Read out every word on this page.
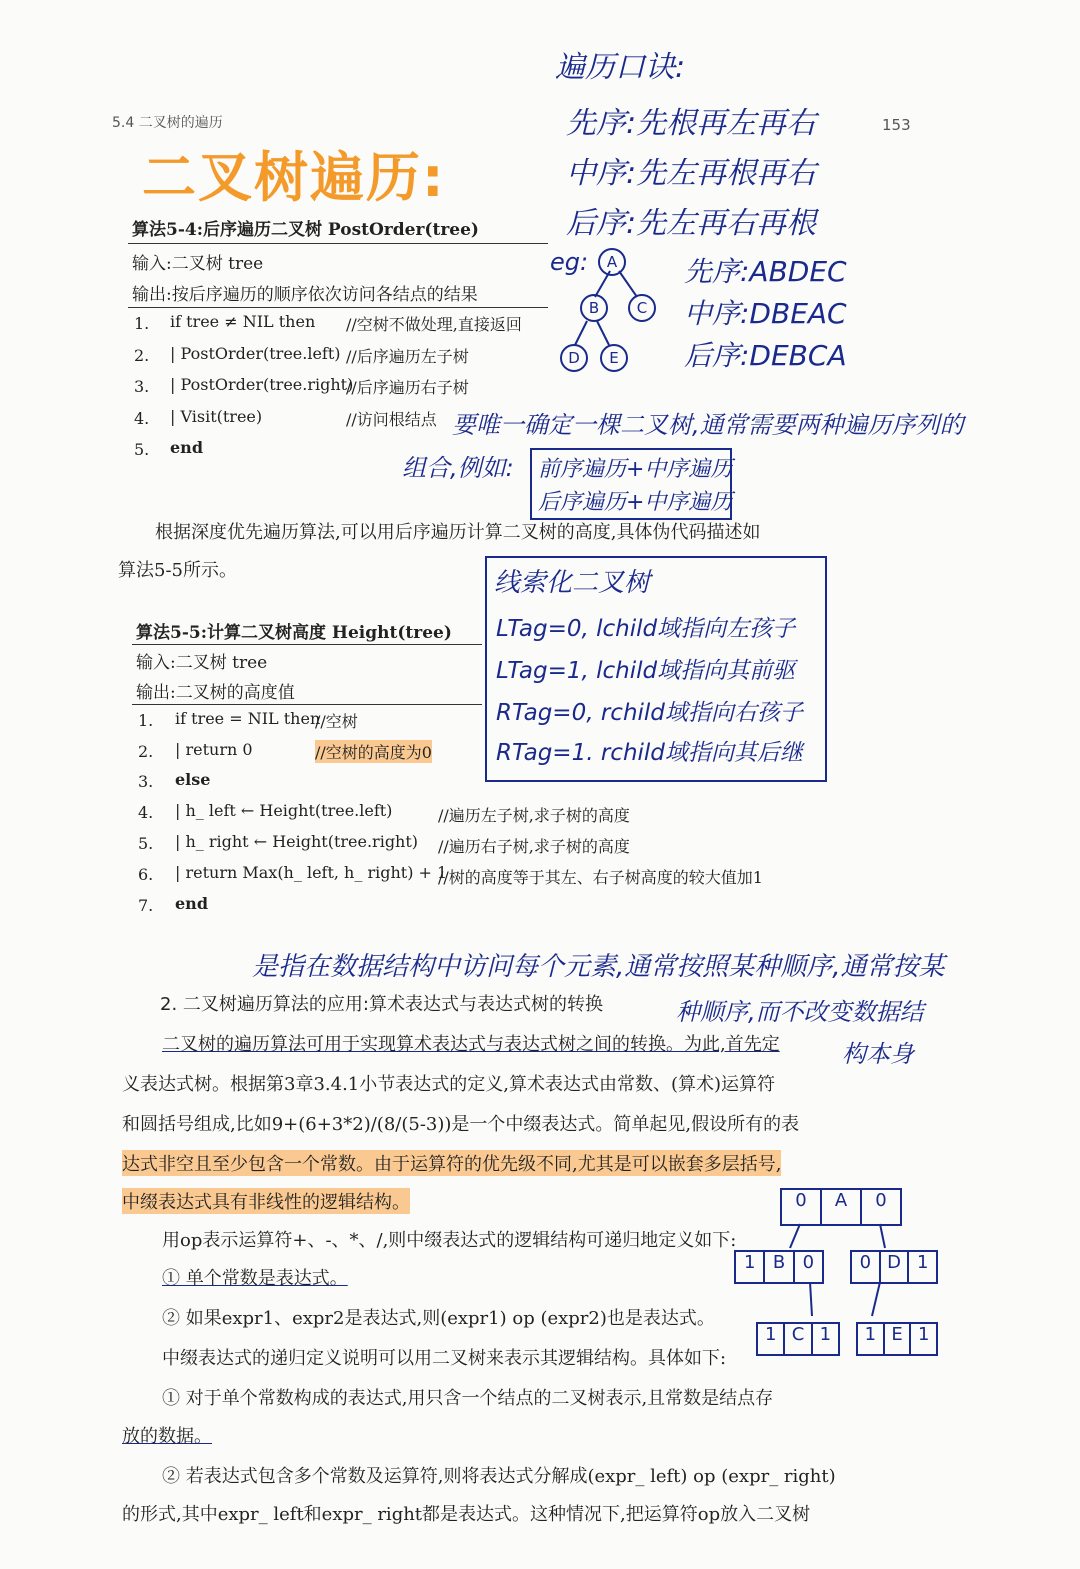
5.4 二叉树的遍历	153
二叉树遍历:
遍历口诀:
先序:先根再左再右
中序:先左再根再右
后序:先左再右再根
算法5-4:后序遍历二叉树 PostOrder(tree)
输入:二叉树 tree
输出:按后序遍历的顺序依次访问各结点的结果
1. if tree ≠ NIL then //空树不做处理,直接返回
2. | PostOrder(tree.left) //后序遍历左子树
3. | PostOrder(tree.right)
//后序遍历右子树
4. | Visit(tree)	//访问根结点
5. end
eg:	A
B	C
D	E
先序:ABDEC
中序:DBEAC
后序:DEBCA
要唯一确定一棵二叉树,通常需要两种遍历序列的
组合,例如: 前序遍历+中序遍历
后序遍历+中序遍历
根据深度优先遍历算法,可以用后序遍历计算二叉树的高度,具体伪代码描述如
算法5-5所示。	线索化二叉树
LTag=0, lchild域指向左孩子
LTag=1, lchild域指向其前驱
RTag=0, rchild域指向右孩子
RTag=1. rchild域指向其后继
算法5-5:计算二叉树高度 Height(tree)
输入:二叉树 tree
输出:二叉树的高度值
1. if tree = NIL then
//空树
2. | return 0	//空树的高度为0
3. else
4. | h_ left ← Height(tree.left)	//遍历左子树,求子树的高度
5. | h_ right ← Height(tree.right) //遍历右子树,求子树的高度
6. | return Max(h_ left, h_ right) + 1
//树的高度等于其左、右子树高度的较大值加1
7. end
是指在数据结构中访问每个元素,通常按照某种顺序,通常按某
种顺序,而不改变数据结
构本身
2. 二叉树遍历算法的应用:算术表达式与表达式树的转换
二叉树的遍历算法可用于实现算术表达式与表达式树之间的转换。为此,首先定
义表达式树。根据第3章3.4.1小节表达式的定义,算术表达式由常数、(算术)运算符
和圆括号组成,比如9+(6+3*2)/(8/(5-3))是一个中缀表达式。简单起见,假设所有的表
达式非空且至少包含一个常数。由于运算符的优先级不同,尤其是可以嵌套多层括号,
中缀表达式具有非线性的逻辑结构。
用op表示运算符+、-、*、/,则中缀表达式的逻辑结构可递归地定义如下:
① 单个常数是表达式。
② 如果expr1、expr2是表达式,则(expr1) op (expr2)也是表达式。
中缀表达式的递归定义说明可以用二叉树来表示其逻辑结构。具体如下:
① 对于单个常数构成的表达式,用只含一个结点的二叉树表示,且常数是结点存
放的数据。
② 若表达式包含多个常数及运算符,则将表达式分解成(expr_ left) op (expr_ right)
的形式,其中expr_ left和expr_ right都是表达式。这种情况下,把运算符op放入二叉树
0	A	0
1 B 0	0 D 1
1 C 1	1 E 1
